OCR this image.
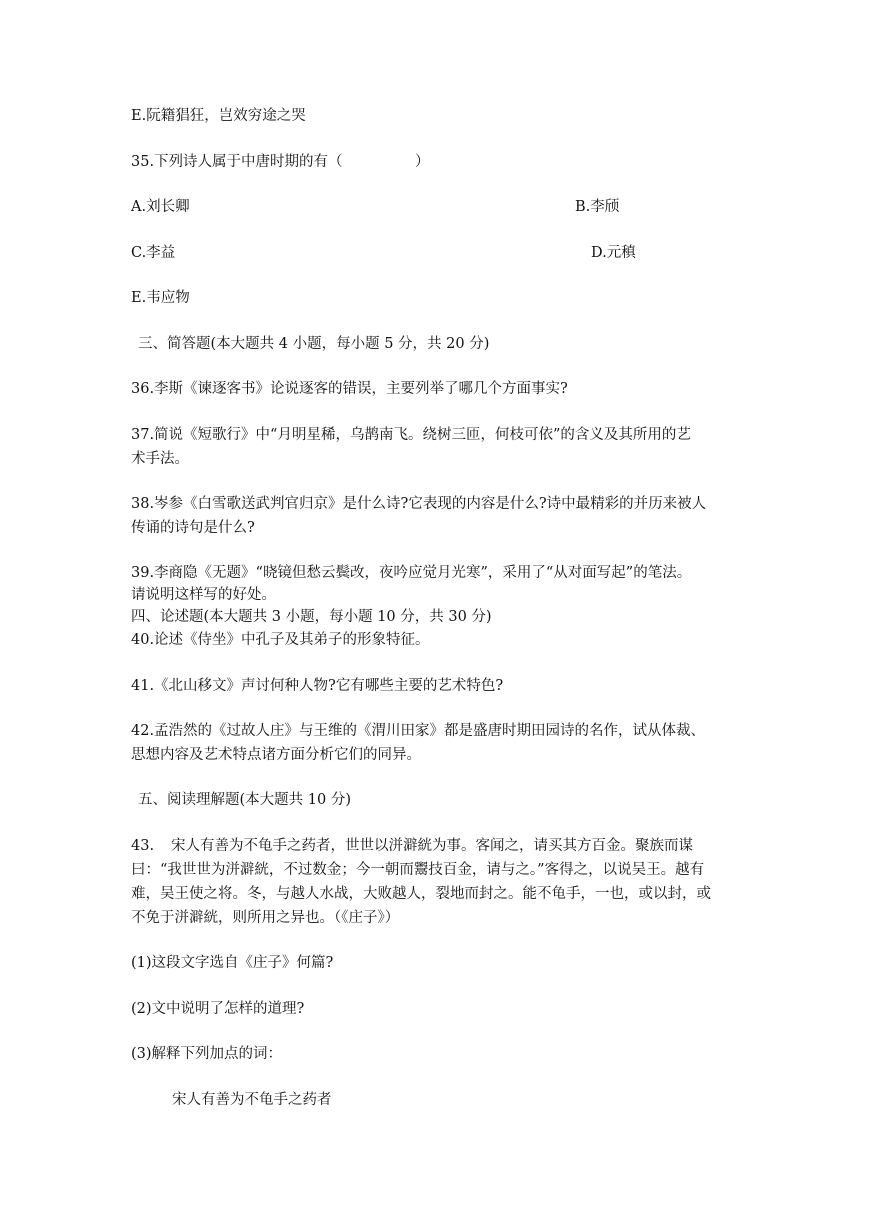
E.阮籍猖狂，岂效穷途之哭

35.下列诗人属于中唐时期的有（　　　　　）

A.刘长卿	B.李颀

C.李益	D.元稹

E.韦应物

三、简答题(本大题共 4 小题，每小题 5 分，共 20 分)

36.李斯《谏逐客书》论说逐客的错误，主要列举了哪几个方面事实?

37.简说《短歌行》中“月明星稀，乌鹊南飞。绕树三匝，何枝可依”的含义及其所用的艺

术手法。

38.岑参《白雪歌送武判官归京》是什么诗?它表现的内容是什么?诗中最精彩的并历来被人

传诵的诗句是什么?

39.李商隐《无题》“晓镜但愁云鬓改，夜吟应觉月光寒”，采用了“从对面写起”的笔法。

请说明这样写的好处。

四、论述题(本大题共 3 小题，每小题 10 分，共 30 分)

40.论述《侍坐》中孔子及其弟子的形象特征。

41.《北山移文》声讨何种人物?它有哪些主要的艺术特色?

42.孟浩然的《过故人庄》与王维的《渭川田家》都是盛唐时期田园诗的名作，试从体裁、

思想内容及艺术特点诸方面分析它们的同异。

五、阅读理解题(本大题共 10 分)

43. 宋人有善为不龟手之药者，世世以洴澼絖为事。客闻之，请买其方百金。聚族而谋

曰：“我世世为洴澼絖，不过数金；今一朝而鬻技百金，请与之。”客得之，以说吴王。越有

难，吴王使之将。冬，与越人水战，大败越人，裂地而封之。能不龟手，一也，或以封，或

不免于洴澼絖，则所用之异也。（《庄子》）

(1)这段文字选自《庄子》何篇?

(2)文中说明了怎样的道理?

(3)解释下列加点的词：

宋人有善为不龟手之药者
